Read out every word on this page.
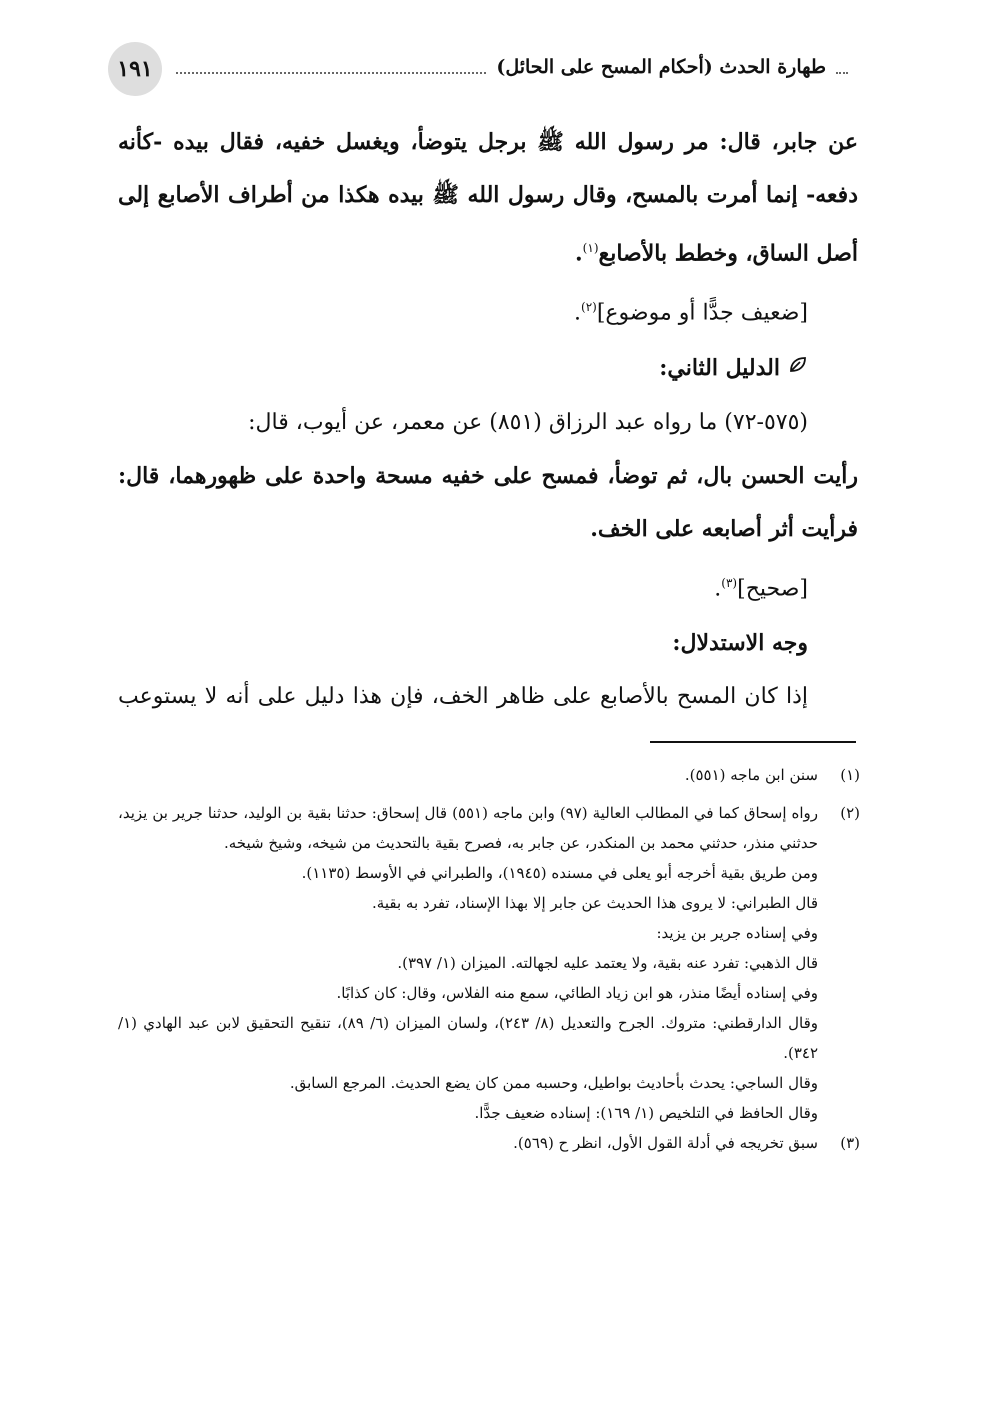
١٩١	طهارة الحدث (أحكام المسح على الحائل)

عن جابر، قال: مر رسول الله ﷺ برجل يتوضأ، ويغسل خفيه، فقال بيده -كأنه دفعه- إنما أمرت بالمسح، وقال رسول الله ﷺ بيده هكذا من أطراف الأصابع إلى أصل الساق، وخطط بالأصابع$^{(١)}$.

[ضعيف جدًّا أو موضوع]$^{(٢)}$.

الدليل الثاني:

(٥٧٥-٧٢) ما رواه عبد الرزاق (٨٥١) عن معمر، عن أيوب، قال:

رأيت الحسن بال، ثم توضأ، فمسح على خفيه مسحة واحدة على ظهورهما، قال: فرأيت أثر أصابعه على الخف.

[صحيح]$^{(٣)}$.

وجه الاستدلال:

إذا كان المسح بالأصابع على ظاهر الخف، فإن هذا دليل على أنه لا يستوعب

(١)

سنن ابن ماجه (٥٥١).

(٢)

رواه إسحاق كما في المطالب العالية (٩٧) وابن ماجه (٥٥١) قال إسحاق: حدثنا بقية بن الوليد، حدثنا جرير بن يزيد، حدثني منذر، حدثني محمد بن المنكدر، عن جابر به، فصرح بقية بالتحديث من شيخه، وشيخ شيخه.

ومن طريق بقية أخرجه أبو يعلى في مسنده (١٩٤٥)، والطبراني في الأوسط (١١٣٥).

قال الطبراني: لا يروى هذا الحديث عن جابر إلا بهذا الإسناد، تفرد به بقية.

وفي إسناده جرير بن يزيد:

قال الذهبي: تفرد عنه بقية، ولا يعتمد عليه لجهالته. الميزان (١/ ٣٩٧).

وفي إسناده أيضًا منذر، هو ابن زياد الطائي، سمع منه الفلاس، وقال: كان كذابًا.

وقال الدارقطني: متروك. الجرح والتعديل (٨/ ٢٤٣)، ولسان الميزان (٦/ ٨٩)، تنقيح التحقيق لابن عبد الهادي (١/ ٣٤٢).

وقال الساجي: يحدث بأحاديث بواطيل، وحسبه ممن كان يضع الحديث. المرجع السابق.

وقال الحافظ في التلخيص (١/ ١٦٩): إسناده ضعيف جدًّا.

(٣)

سبق تخريجه في أدلة القول الأول، انظر ح (٥٦٩).
